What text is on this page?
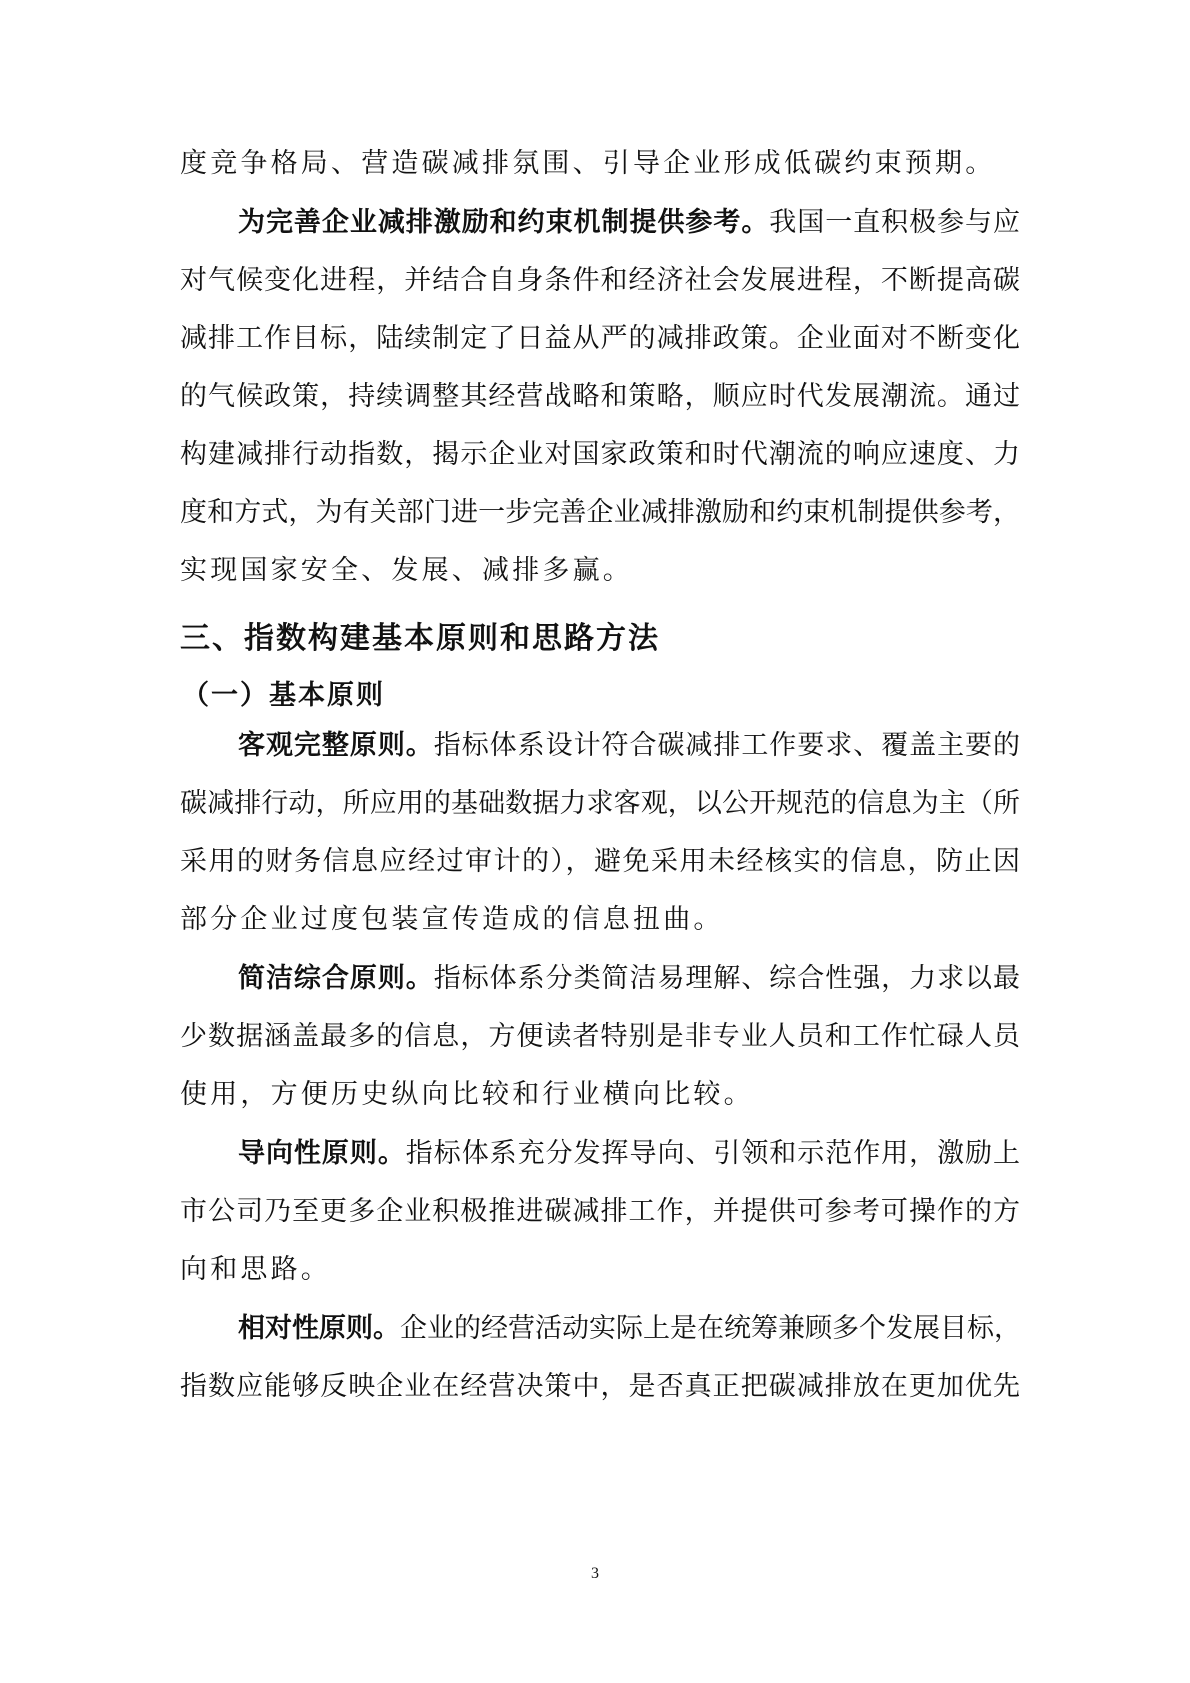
度竞争格局、营造碳减排氛围、引导企业形成低碳约束预期。
为完善企业减排激励和约束机制提供参考。我国一直积极参与应
对气候变化进程，并结合自身条件和经济社会发展进程，不断提高碳
减排工作目标，陆续制定了日益从严的减排政策。企业面对不断变化
的气候政策，持续调整其经营战略和策略，顺应时代发展潮流。通过
构建减排行动指数，揭示企业对国家政策和时代潮流的响应速度、力
度和方式，为有关部门进一步完善企业减排激励和约束机制提供参考，
实现国家安全、发展、减排多赢。
三、指数构建基本原则和思路方法
（一）基本原则
客观完整原则。指标体系设计符合碳减排工作要求、覆盖主要的
碳减排行动，所应用的基础数据力求客观，以公开规范的信息为主（所
采用的财务信息应经过审计的），避免采用未经核实的信息，防止因
部分企业过度包装宣传造成的信息扭曲。
简洁综合原则。指标体系分类简洁易理解、综合性强，力求以最
少数据涵盖最多的信息，方便读者特别是非专业人员和工作忙碌人员
使用，方便历史纵向比较和行业横向比较。
导向性原则。指标体系充分发挥导向、引领和示范作用，激励上
市公司乃至更多企业积极推进碳减排工作，并提供可参考可操作的方
向和思路。
相对性原则。企业的经营活动实际上是在统筹兼顾多个发展目标，
指数应能够反映企业在经营决策中，是否真正把碳减排放在更加优先
3
